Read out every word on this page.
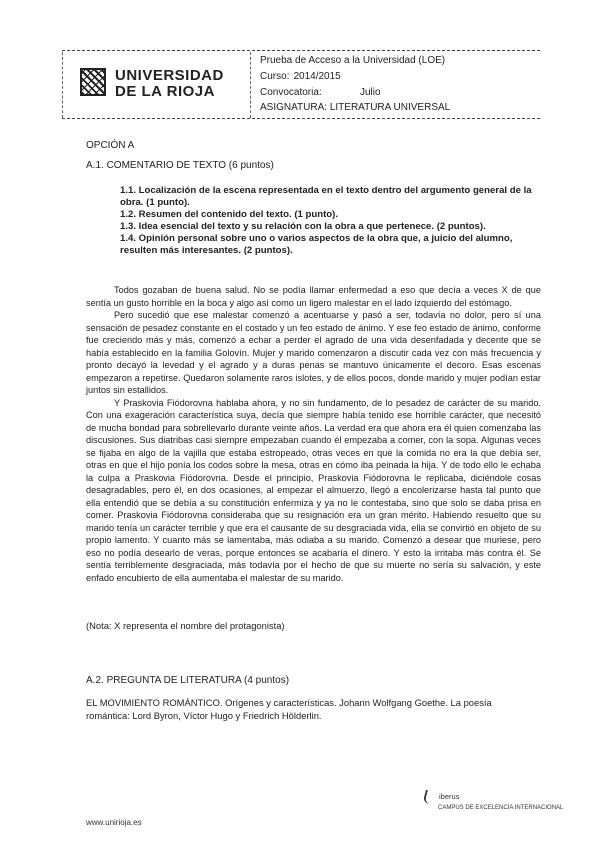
UNIVERSIDAD
DE LA RIOJA
Prueba de Acceso a la Universidad (LOE)
Curso: 2014/2015
Convocatoria:	Julio
ASIGNATURA: LITERATURA UNIVERSAL
OPCIÓN A
A.1. COMENTARIO DE TEXTO (6 puntos)
1.1. Localización de la escena representada en el texto dentro del argumento general de la obra. (1 punto).
1.2. Resumen del contenido del texto. (1 punto).
1.3. Idea esencial del texto y su relación con la obra a que pertenece. (2 puntos).
1.4. Opinión personal sobre uno o varios aspectos de la obra que, a juicio del alumno, resulten más interesantes. (2 puntos).

Todos gozaban de buena salud. No se podía llamar enfermedad a eso que decía a veces X de que sentía un gusto horrible en la boca y algo así como un ligero malestar en el lado izquierdo del estómago.

Pero sucedió que ese malestar comenzó a acentuarse y pasó a ser, todavía no dolor, pero sí una sensación de pesadez constante en el costado y un feo estado de ánimo. Y ese feo estado de ánimo, conforme fue creciendo más y más, comenzó a echar a perder el agrado de una vida desenfadada y decente que se había establecido en la familia Golovín. Mujer y marido comenzaron a discutir cada vez con más frecuencia y pronto decayó la levedad y el agrado y a duras penas se mantuvo únicamente el decoro. Esas escenas empezaron a repetirse. Quedaron solamente raros islotes, y de ellos pocos, donde marido y mujer podían estar juntos sin estallidos.

Y Praskovia Fiódorovna hablaba ahora, y no sin fundamento, de lo pesadez de carácter de su marido. Con una exageración característica suya, decía que siempre había tenido ese horrible carácter, que necesitó de mucha bondad para sobrellevarlo durante veinte años. La verdad era que ahora era él quien comenzaba las discusiones. Sus diatribas casi siempre empezaban cuando él empezaba a comer, con la sopa. Algunas veces se fijaba en algo de la vajilla que estaba estropeado, otras veces en que la comida no era la que debía ser, otras en que el hijo ponía los codos sobre la mesa, otras en cómo iba peinada la hija. Y de todo ello le echaba la culpa a Praskovia Fiódorovna. Desde el principio, Praskovia Fiódorovna le replicaba, diciéndole cosas desagradables, pero él, en dos ocasiones, al empezar el almuerzo, llegó a encolerizarse hasta tal punto que ella entendió que se debía a su constitución enfermiza y ya no le contestaba, sino que solo se daba prisa en comer. Praskovia Fiódorovna consideraba que su resignación era un gran mérito. Habiendo resuelto que su marido tenía un carácter terrible y que era el causante de su desgraciada vida, ella se convirtió en objeto de su propio lamento. Y cuanto más se lamentaba, más odiaba a su marido. Comenzó a desear que muriese, pero eso no podía desearlo de veras, porque entonces se acabaría el dinero. Y esto la irritaba más contra él. Se sentía terriblemente desgraciada, más todavía por el hecho de que su muerte no sería su salvación, y este enfado encubierto de ella aumentaba el malestar de su marido.

(Nota: X representa el nombre del protagonista)
A.2. PREGUNTA DE LITERATURA (4 puntos)
EL MOVIMIENTO ROMÁNTICO. Orígenes y características. Johann Wolfgang Goethe. La poesía
romántica: Lord Byron, Víctor Hugo y Friedrich Hölderlin.
www.unirioja.es
iberus
CAMPUS DE EXCELENCIA INTERNACIONAL
